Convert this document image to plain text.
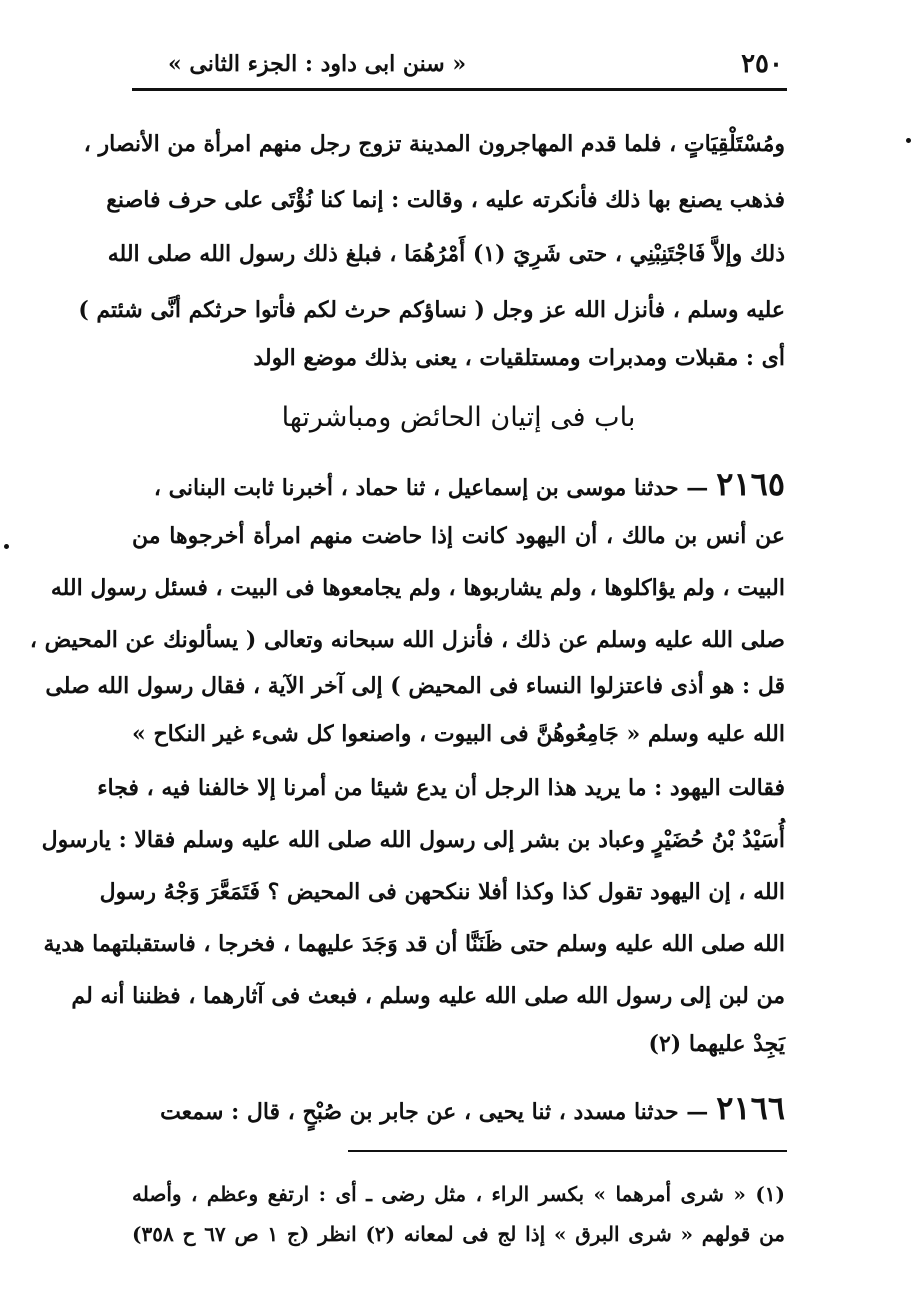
٢٥٠
« سنن ابى داود : الجزء الثانى »
ومُسْتَلْقِيَاتٍ ، فلما قدم المهاجرون المدينة تزوج رجل منهم امرأة من الأنصار ،
فذهب يصنع بها ذلك فأنكرته عليه ، وقالت : إنما كنا نُؤْتَى على حرف فاصنع
ذلك وإلاَّ فَاجْتَنِبْنِي ، حتى شَرِيَ (١) أَمْرُهُمَا ، فبلغ ذلك رسول الله صلى الله
عليه وسلم ، فأنزل الله عز وجل ( نساؤكم حرث لكم فأتوا حرثكم أنَّى شئتم )
أى : مقبلات ومدبرات ومستلقيات ، يعنى بذلك موضع الولد
باب فى إتيان الحائض ومباشرتها
٢١٦٥— حدثنا موسى بن إسماعيل ، ثنا حماد ، أخبرنا ثابت البنانى ،
عن أنس بن مالك ، أن اليهود كانت إذا حاضت منهم امرأة أخرجوها من
البيت ، ولم يؤاكلوها ، ولم يشاربوها ، ولم يجامعوها فى البيت ، فسئل رسول الله
صلى الله عليه وسلم عن ذلك ، فأنزل الله سبحانه وتعالى ( يسألونك عن المحيض ،
قل : هو أذى فاعتزلوا النساء فى المحيض ) إلى آخر الآية ، فقال رسول الله صلى
الله عليه وسلم « جَامِعُوهُنَّ فى البيوت ، واصنعوا كل شىء غير النكاح »
فقالت اليهود : ما يريد هذا الرجل أن يدع شيئا من أمرنا إلا خالفنا فيه ، فجاء
أُسَيْدُ بْنُ حُضَيْرٍ وعباد بن بشر إلى رسول الله صلى الله عليه وسلم فقالا : يارسول
الله ، إن اليهود تقول كذا وكذا أفلا ننكحهن فى المحيض ؟ فَتَمَعَّرَ وَجْهُ رسول
الله صلى الله عليه وسلم حتى ظَنَنَّا أن قد وَجَدَ عليهما ، فخرجا ، فاستقبلتهما هدية
من لبن إلى رسول الله صلى الله عليه وسلم ، فبعث فى آثارهما ، فظننا أنه لم
يَجِدْ عليهما (٢)
٢١٦٦— حدثنا مسدد ، ثنا يحيى ، عن جابر بن صُبْحٍ ، قال : سمعت
(١) « شرى أمرهما » بكسر الراء ، مثل رضى ـ أى : ارتفع وعظم ، وأصله
من قولهم « شرى البرق » إذا لج فى لمعانه (٢) انظر (ج ١ ص ٦٧ ح ٣٥٨)
